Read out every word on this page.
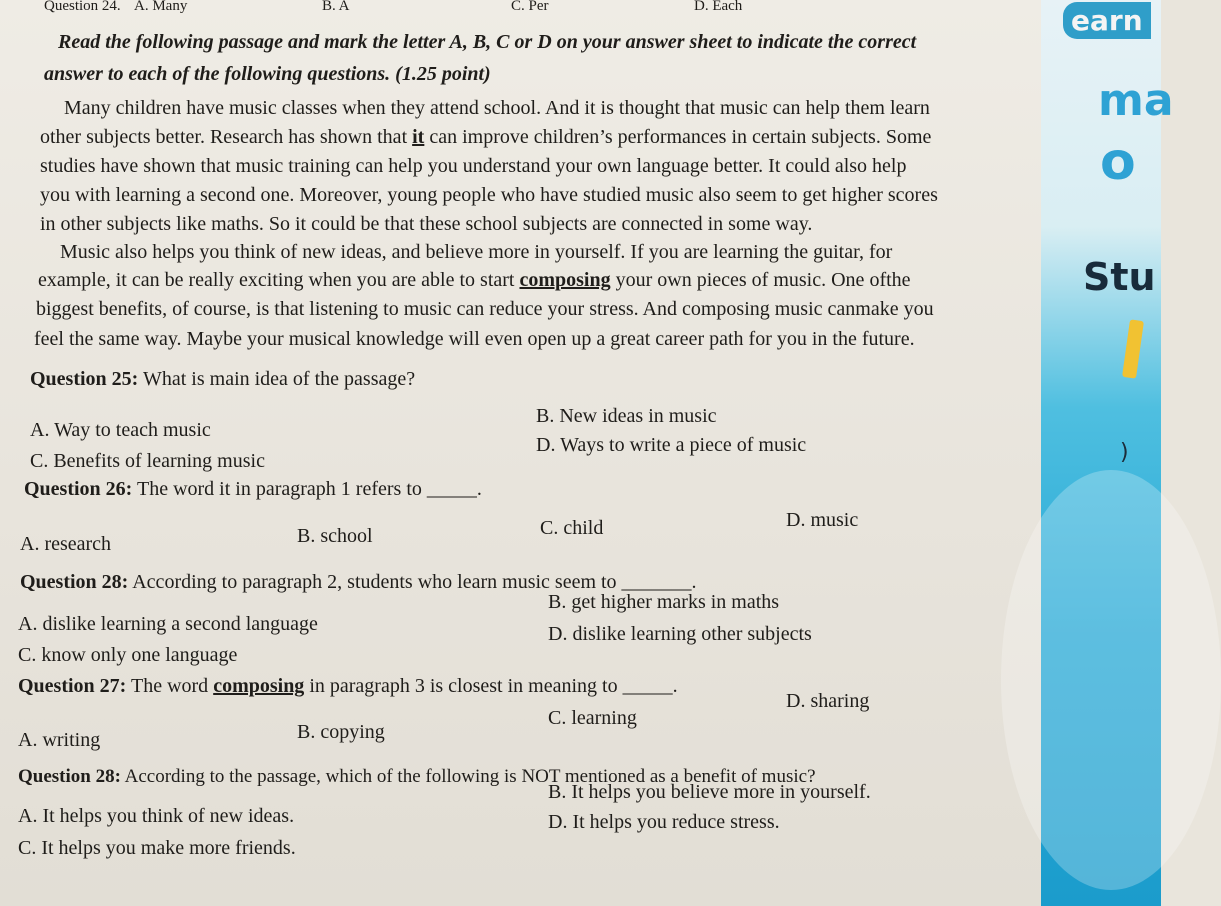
earn
ma
o
Stu
)
Question 24. A. Many	B. A	C. Per	D. Each

Read the following passage and mark the letter A, B, C or D on your answer sheet to indicate the correct

answer to each of the following questions. (1.25 point)

Many children have music classes when they attend school. And it is thought that music can help them learn

other subjects better. Research has shown that it can improve children’s performances in certain subjects. Some

studies have shown that music training can help you understand your own language better. It could also help

you with learning a second one. Moreover, young people who have studied music also seem to get higher scores

in other subjects like maths. So it could be that these school subjects are connected in some way.

Music also helps you think of new ideas, and believe more in yourself. If you are learning the guitar, for

example, it can be really exciting when you are able to start composing your own pieces of music. One ofthe

biggest benefits, of course, is that listening to music can reduce your stress. And composing music canmake you

feel the same way. Maybe your musical knowledge will even open up a great career path for you in the future.

Question 25: What is main idea of the passage?

A. Way to teach music

B. New ideas in music

C. Benefits of learning music

D. Ways to write a piece of music

Question 26: The word it in paragraph 1 refers to _____.

A. research	B. school	C. child	D. music

Question 28: According to paragraph 2, students who learn music seem to _______.

A. dislike learning a second language

B. get higher marks in maths

C. know only one language

D. dislike learning other subjects

Question 27: The word composing in paragraph 3 is closest in meaning to _____.

A. writing	B. copying

C. learning

D. sharing

Question 28: According to the passage, which of the following is NOT mentioned as a benefit of music?

A. It helps you think of new ideas.

B. It helps you believe more in yourself.

C. It helps you make more friends.

D. It helps you reduce stress.
